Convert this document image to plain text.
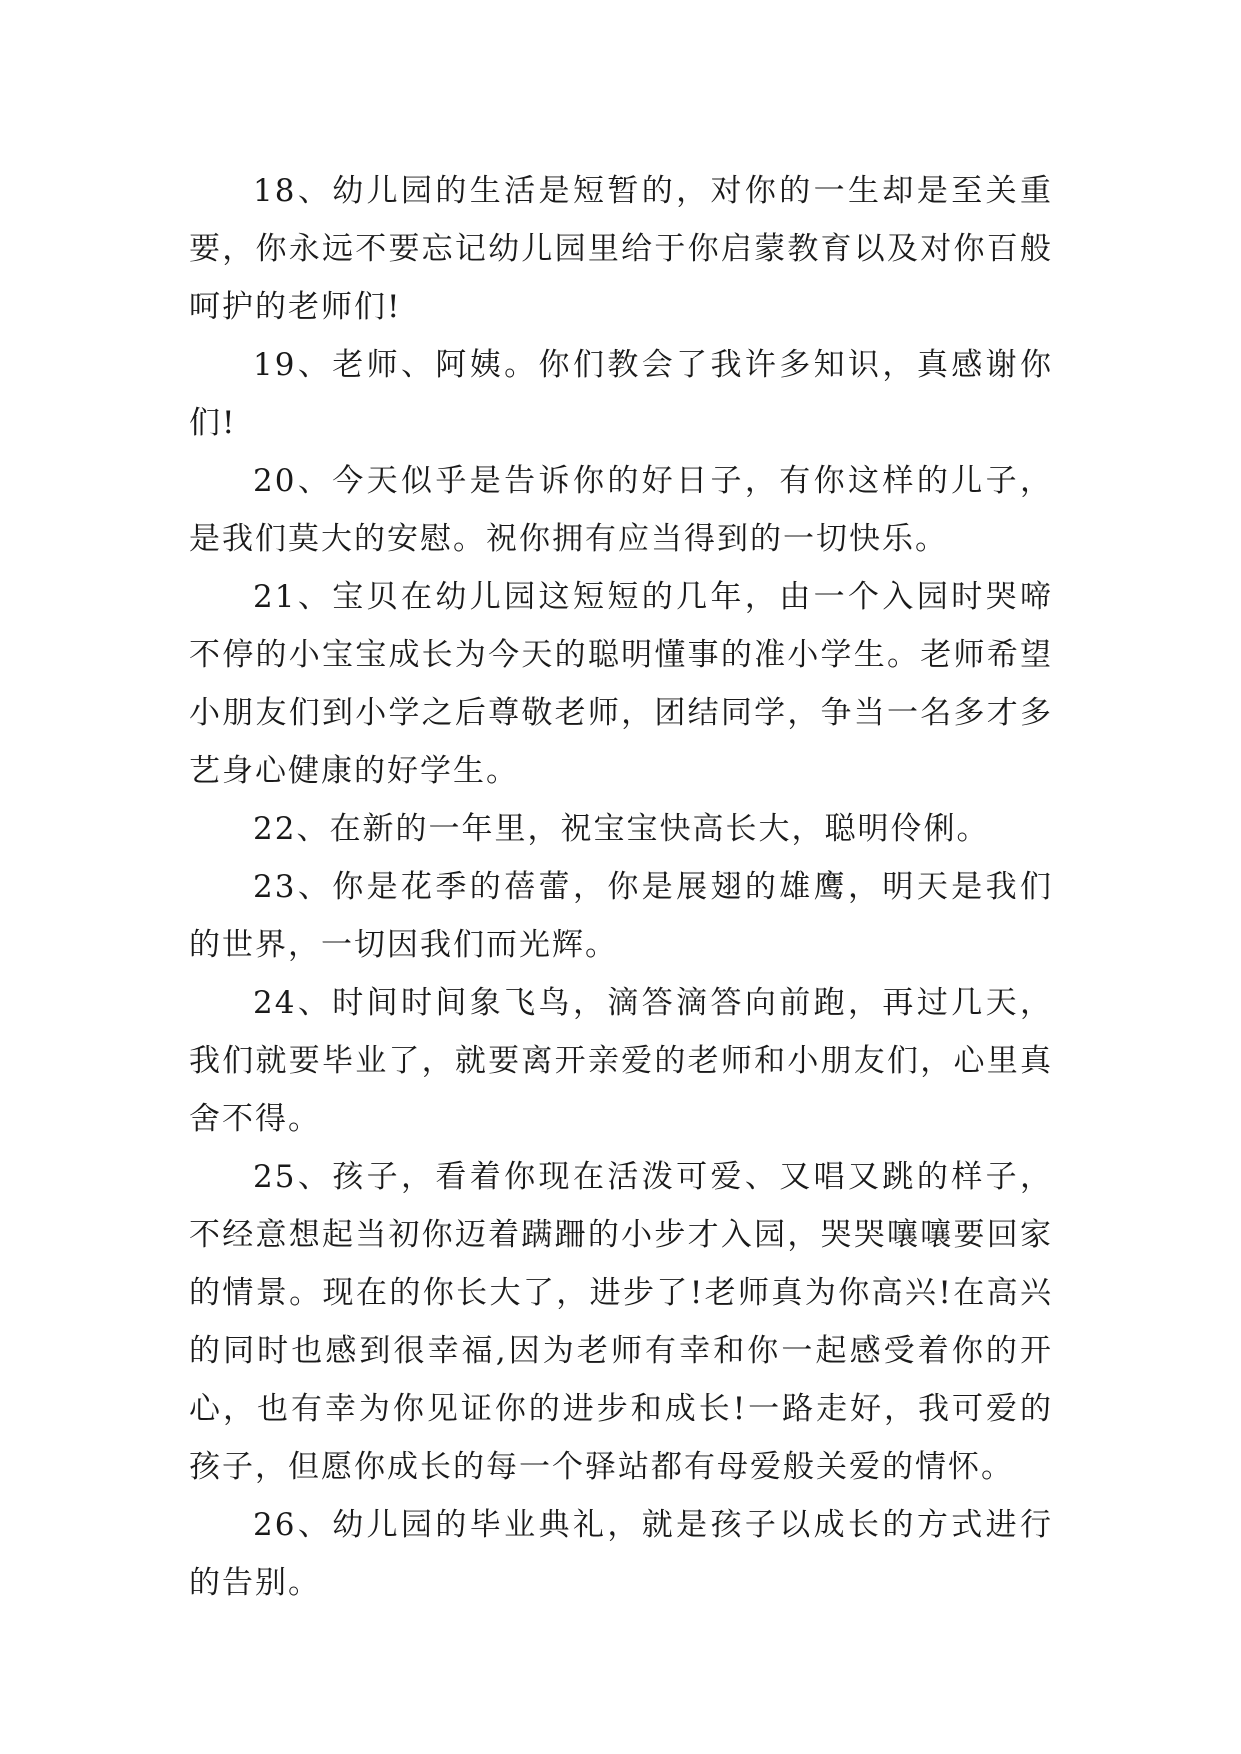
18、幼儿园的生活是短暂的，对你的一生却是至关重要，你永远不要忘记幼儿园里给于你启蒙教育以及对你百般呵护的老师们!

19、老师、阿姨。你们教会了我许多知识，真感谢你们!

20、今天似乎是告诉你的好日子，有你这样的儿子，是我们莫大的安慰。祝你拥有应当得到的一切快乐。

21、宝贝在幼儿园这短短的几年，由一个入园时哭啼不停的小宝宝成长为今天的聪明懂事的准小学生。老师希望小朋友们到小学之后尊敬老师，团结同学，争当一名多才多艺身心健康的好学生。

22、在新的一年里，祝宝宝快高长大，聪明伶俐。

23、你是花季的蓓蕾，你是展翅的雄鹰，明天是我们的世界，一切因我们而光辉。

24、时间时间象飞鸟，滴答滴答向前跑，再过几天，我们就要毕业了，就要离开亲爱的老师和小朋友们，心里真舍不得。

25、孩子，看着你现在活泼可爱、又唱又跳的样子，不经意想起当初你迈着蹒跚的小步才入园，哭哭嚷嚷要回家的情景。现在的你长大了，进步了!老师真为你高兴!在高兴的同时也感到很幸福,因为老师有幸和你一起感受着你的开心，也有幸为你见证你的进步和成长!一路走好，我可爱的孩子，但愿你成长的每一个驿站都有母爱般关爱的情怀。

26、幼儿园的毕业典礼，就是孩子以成长的方式进行的告别。
